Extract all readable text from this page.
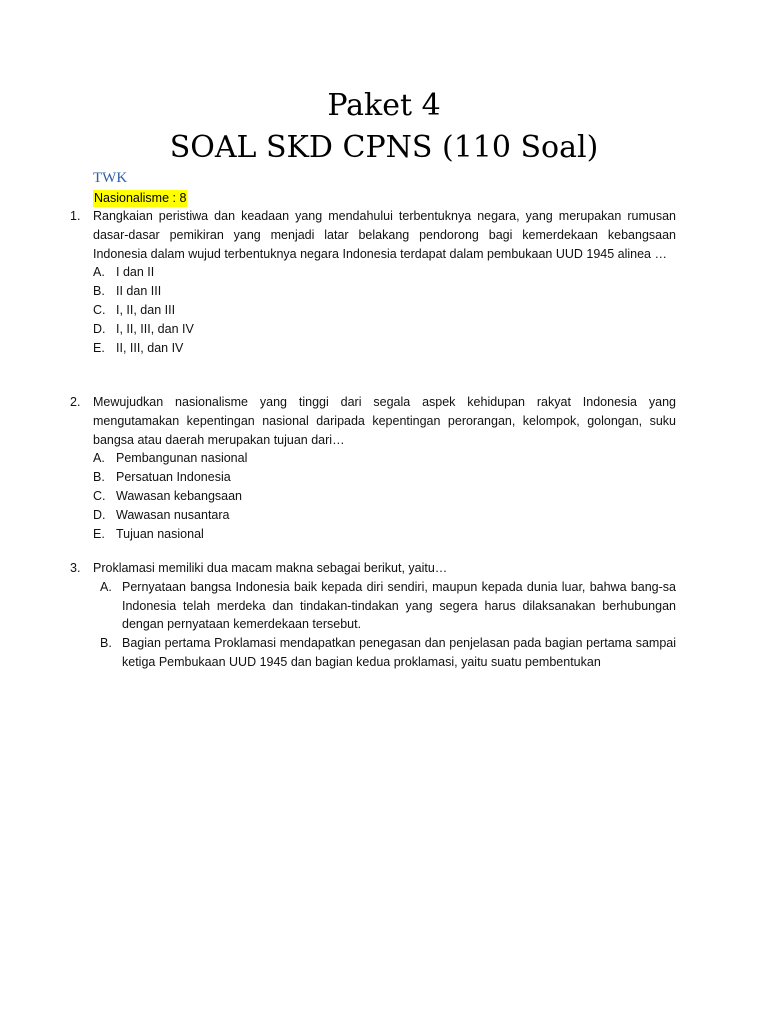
Paket 4
SOAL SKD CPNS (110 Soal)
TWK
Nasionalisme : 8
1. Rangkaian peristiwa dan keadaan yang mendahului terbentuknya negara, yang merupakan rumusan dasar-dasar pemikiran yang menjadi latar belakang pendorong bagi kemerdekaan kebangsaan Indonesia dalam wujud terbentuknya negara Indonesia terdapat dalam pembukaan UUD 1945 alinea …
A. I dan II
B. II dan III
C. I, II, dan III
D. I, II, III, dan IV
E. II, III, dan IV
2. Mewujudkan nasionalisme yang tinggi dari segala aspek kehidupan rakyat Indonesia yang mengutamakan kepentingan nasional daripada kepentingan perorangan, kelompok, golongan, suku bangsa atau daerah merupakan tujuan dari…
A. Pembangunan nasional
B. Persatuan Indonesia
C. Wawasan kebangsaan
D. Wawasan nusantara
E. Tujuan nasional
3. Proklamasi memiliki dua macam makna sebagai berikut, yaitu…
A. Pernyataan bangsa Indonesia baik kepada diri sendiri, maupun kepada dunia luar, bahwa bang-sa Indonesia telah merdeka dan tindakan-tindakan yang segera harus dilaksanakan berhubungan dengan pernyataan kemerdekaan tersebut.
B. Bagian pertama Proklamasi mendapatkan penegasan dan penjelasan pada bagian pertama sampai ketiga Pembukaan UUD 1945 dan bagian kedua proklamasi, yaitu suatu pembentukan
